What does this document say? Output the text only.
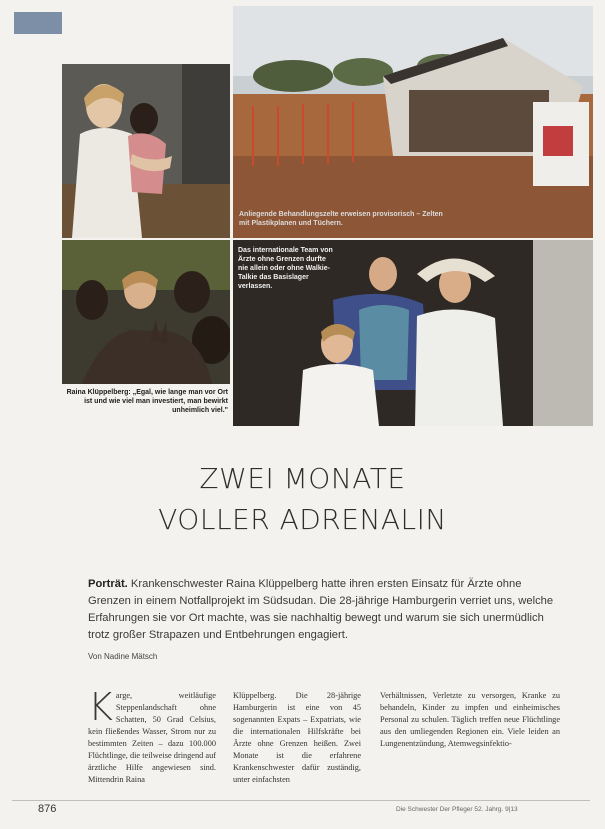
Anliegende Behandlungszelte erweisen provisorisch – Zelten mit Plastikplanen und Tüchern.
Das internationale Team von Ärzte ohne Grenzen durfte nie allein oder ohne Walkie-Talkie das Basislager verlassen.
Raina Klüppelberg: „Egal, wie lange man vor Ort ist und wie viel man investiert, man bewirkt unheimlich viel."
ZWEI MONATE
VOLLER ADRENALIN
Porträt. Krankenschwester Raina Klüppelberg hatte ihren ersten Einsatz für Ärzte ohne Grenzen in einem Notfallprojekt im Südsudan. Die 28-jährige Hamburgerin verriet uns, welche Erfahrungen sie vor Ort machte, was sie nachhaltig bewegt und warum sie sich unermüdlich trotz großer Strapazen und Entbehrungen engagiert.
Von Nadine Mätsch
Karge, weitläufige Steppenlandschaft ohne Schatten, 50 Grad Celsius, kein fließendes Wasser, Strom nur zu bestimmten Zeiten – dazu 100.000 Flüchtlinge, die teilweise dringend auf ärztliche Hilfe angewiesen sind. Mittendrin Raina
Klüppelberg. Die 28-jährige Hamburgerin ist eine von 45 sogenannten Expats – Expatriats, wie die internationalen Hilfskräfte bei Ärzte ohne Grenzen heißen. Zwei Monate ist die erfahrene Krankenschwester dafür zuständig, unter einfachsten
Verhältnissen, Verletzte zu versorgen, Kranke zu behandeln, Kinder zu impfen und einheimisches Personal zu schulen. Täglich treffen neue Flüchtlinge aus den umliegenden Regionen ein. Viele leiden an Lungenentzündung, Atemwegsinfektio-
876	Die Schwester Der Pfleger 52. Jahrg. 9|13
